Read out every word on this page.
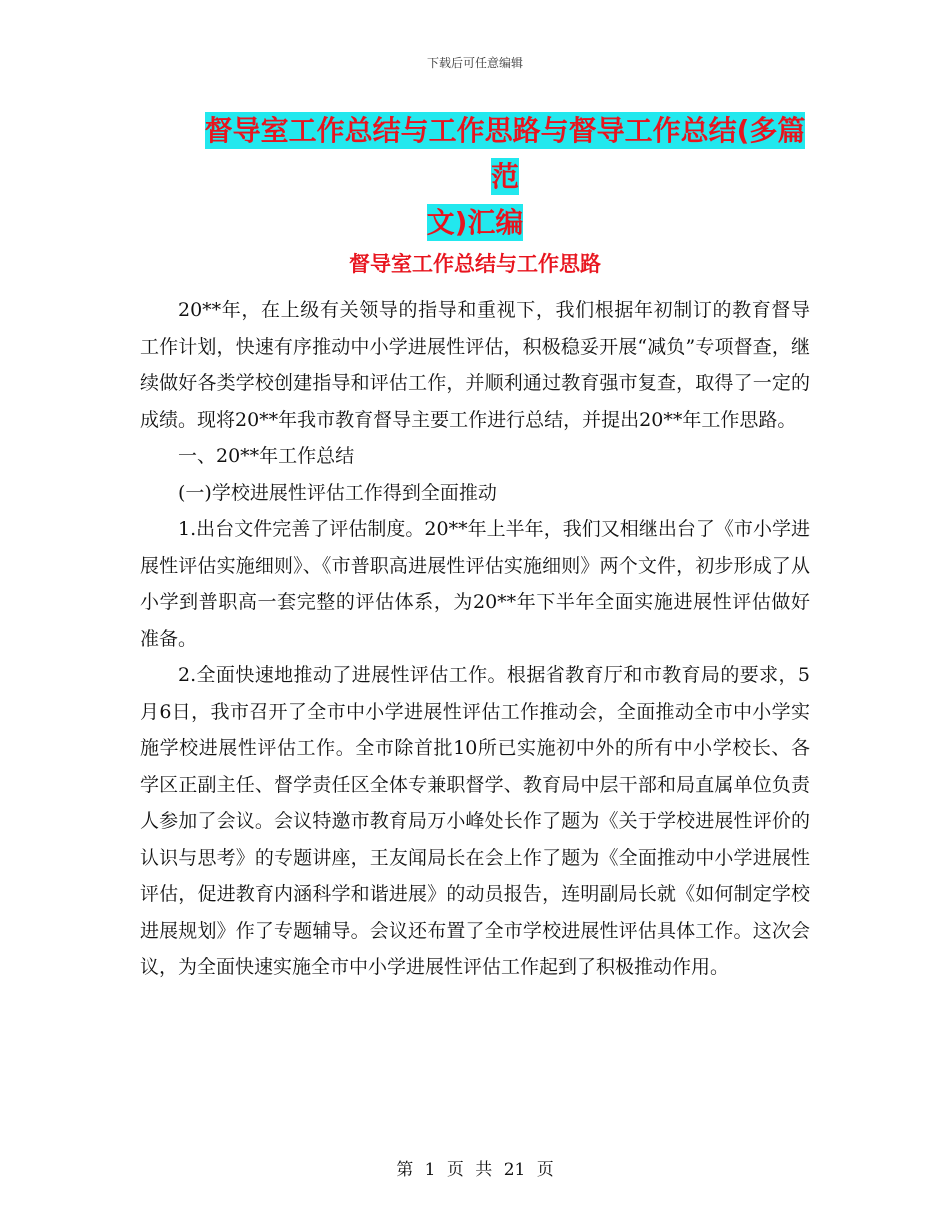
下载后可任意编辑
督导室工作总结与工作思路与督导工作总结(多篇范
文)汇编
督导室工作总结与工作思路

20**年，在上级有关领导的指导和重视下，我们根据年初制订的教育督导工作计划，快速有序推动中小学进展性评估，积极稳妥开展“减负”专项督查，继续做好各类学校创建指导和评估工作，并顺利通过教育强市复查，取得了一定的成绩。现将20**年我市教育督导主要工作进行总结，并提出20**年工作思路。

一、20**年工作总结

(一)学校进展性评估工作得到全面推动

1.出台文件完善了评估制度。20**年上半年，我们又相继出台了《市小学进展性评估实施细则》、《市普职高进展性评估实施细则》两个文件，初步形成了从小学到普职高一套完整的评估体系，为20**年下半年全面实施进展性评估做好准备。

2.全面快速地推动了进展性评估工作。根据省教育厅和市教育局的要求，5月6日，我市召开了全市中小学进展性评估工作推动会，全面推动全市中小学实施学校进展性评估工作。全市除首批10所已实施初中外的所有中小学校长、各学区正副主任、督学责任区全体专兼职督学、教育局中层干部和局直属单位负责人参加了会议。会议特邀市教育局万小峰处长作了题为《关于学校进展性评价的认识与思考》的专题讲座，王友闻局长在会上作了题为《全面推动中小学进展性评估，促进教育内涵科学和谐进展》的动员报告，连明副局长就《如何制定学校进展规划》作了专题辅导。会议还布置了全市学校进展性评估具体工作。这次会议，为全面快速实施全市中小学进展性评估工作起到了积极推动作用。

第 1 页 共 21 页
